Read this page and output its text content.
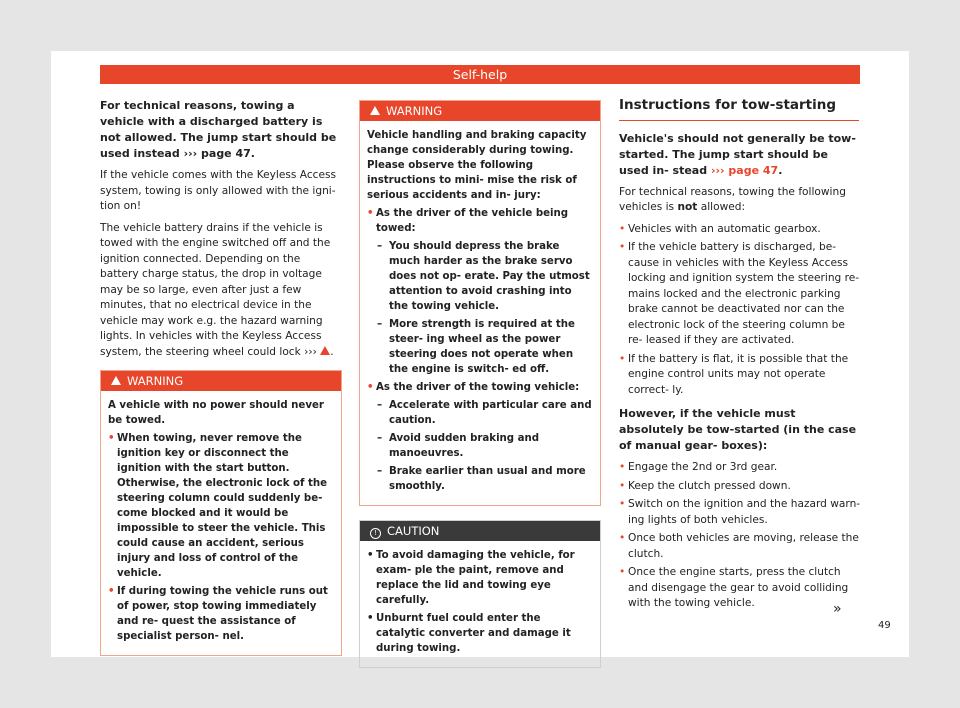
Self-help

For technical reasons, towing a vehicle with a discharged battery is not allowed. The jump start should be used instead ››› page 47.

If the vehicle comes with the Keyless Access system, towing is only allowed with the igni- tion on!

The vehicle battery drains if the vehicle is towed with the engine switched off and the ignition connected. Depending on the battery charge status, the drop in voltage may be so large, even after just a few minutes, that no electrical device in the vehicle may work e.g. the hazard warning lights. In vehicles with the Keyless Access system, the steering wheel could lock ››› .

WARNING

A vehicle with no power should never be towed.

• When towing, never remove the ignition key or disconnect the ignition with the start button. Otherwise, the electronic lock of the steering column could suddenly be- come blocked and it would be impossible to steer the vehicle. This could cause an accident, serious injury and loss of control of the vehicle.
• If during towing the vehicle runs out of power, stop towing immediately and re- quest the assistance of specialist person- nel.
WARNING

Vehicle handling and braking capacity change considerably during towing. Please observe the following instructions to mini- mise the risk of serious accidents and in- jury:

• As the driver of the vehicle being towed:
– You should depress the brake much harder as the brake servo does not op- erate. Pay the utmost attention to avoid crashing into the towing vehicle.
– More strength is required at the steer- ing wheel as the power steering does not operate when the engine is switch- ed off.
• As the driver of the towing vehicle:
– Accelerate with particular care and caution.
– Avoid sudden braking and manoeuvres.
– Brake earlier than usual and more smoothly.
! CAUTION
• To avoid damaging the vehicle, for exam- ple the paint, remove and replace the lid and towing eye carefully.
• Unburnt fuel could enter the catalytic converter and damage it during towing.
Instructions for tow-starting

Vehicle's should not generally be tow- started. The jump start should be used in- stead ››› page 47.

For technical reasons, towing the following vehicles is not allowed:

• Vehicles with an automatic gearbox.
• If the vehicle battery is discharged, be- cause in vehicles with the Keyless Access locking and ignition system the steering re- mains locked and the electronic parking brake cannot be deactivated nor can the electronic lock of the steering column be re- leased if they are activated.
• If the battery is flat, it is possible that the engine control units may not operate correct- ly.

However, if the vehicle must absolutely be tow-started (in the case of manual gear- boxes):

• Engage the 2nd or 3rd gear.
• Keep the clutch pressed down.
• Switch on the ignition and the hazard warn- ing lights of both vehicles.
• Once both vehicles are moving, release the clutch.
• Once the engine starts, press the clutch and disengage the gear to avoid colliding with the towing vehicle.	»
49
